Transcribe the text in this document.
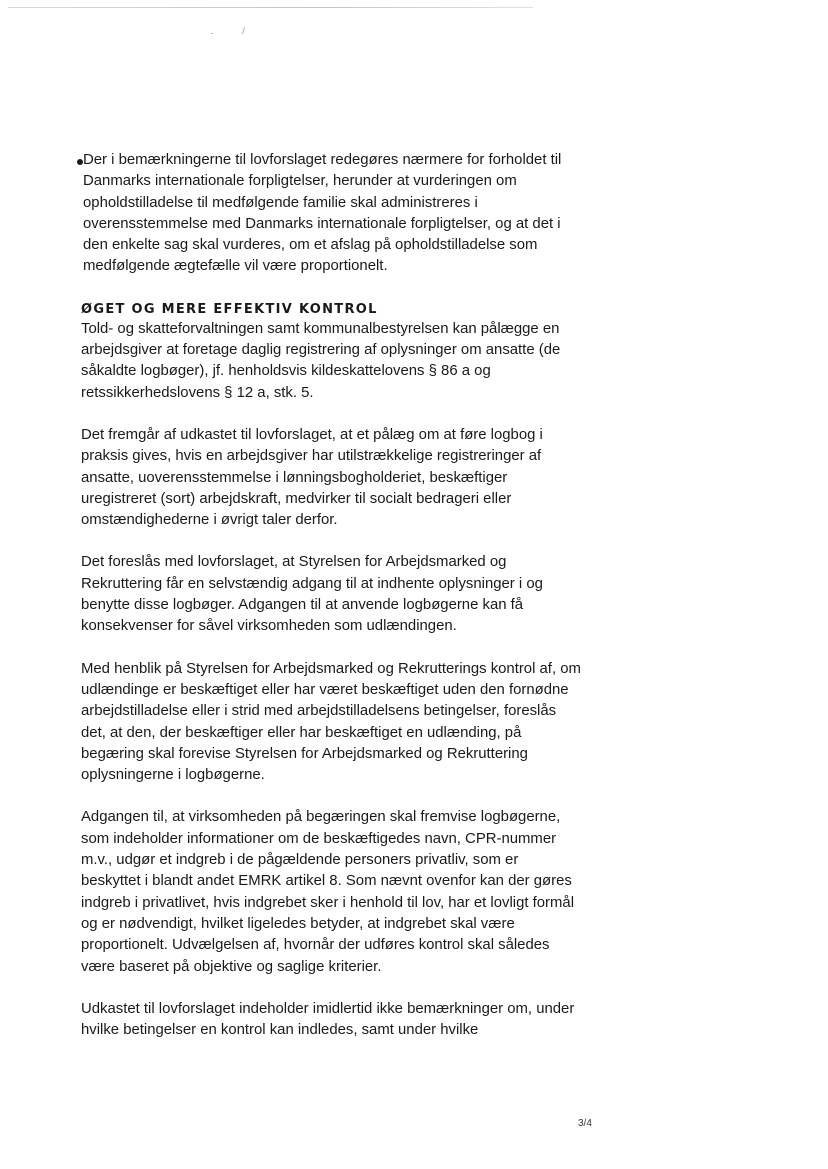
Der i bemærkningerne til lovforslaget redegøres nærmere for forholdet til Danmarks internationale forpligtelser, herunder at vurderingen om opholdstilladelse til medfølgende familie skal administreres i overensstemmelse med Danmarks internationale forpligtelser, og at det i den enkelte sag skal vurderes, om et afslag på opholdstilladelse som medfølgende ægtefælle vil være proportionelt.

ØGET OG MERE EFFEKTIV KONTROL

Told- og skatteforvaltningen samt kommunalbestyrelsen kan pålægge en arbejdsgiver at foretage daglig registrering af oplysninger om ansatte (de såkaldte logbøger), jf. henholdsvis kildeskattelovens § 86 a og retssikkerhedslovens § 12 a, stk. 5.

Det fremgår af udkastet til lovforslaget, at et pålæg om at føre logbog i praksis gives, hvis en arbejdsgiver har utilstrækkelige registreringer af ansatte, uoverensstemmelse i lønningsbogholderiet, beskæftiger uregistreret (sort) arbejdskraft, medvirker til socialt bedrageri eller omstændighederne i øvrigt taler derfor.

Det foreslås med lovforslaget, at Styrelsen for Arbejdsmarked og Rekruttering får en selvstændig adgang til at indhente oplysninger i og benytte disse logbøger. Adgangen til at anvende logbøgerne kan få konsekvenser for såvel virksomheden som udlændingen.

Med henblik på Styrelsen for Arbejdsmarked og Rekrutterings kontrol af, om udlændinge er beskæftiget eller har været beskæftiget uden den fornødne arbejdstilladelse eller i strid med arbejdstilladelsens betingelser, foreslås det, at den, der beskæftiger eller har beskæftiget en udlænding, på begæring skal forevise Styrelsen for Arbejdsmarked og Rekruttering oplysningerne i logbøgerne.

Adgangen til, at virksomheden på begæringen skal fremvise logbøgerne, som indeholder informationer om de beskæftigedes navn, CPR-nummer m.v., udgør et indgreb i de pågældende personers privatliv, som er beskyttet i blandt andet EMRK artikel 8. Som nævnt ovenfor kan der gøres indgreb i privatlivet, hvis indgrebet sker i henhold til lov, har et lovligt formål og er nødvendigt, hvilket ligeledes betyder, at indgrebet skal være proportionelt. Udvælgelsen af, hvornår der udføres kontrol skal således være baseret på objektive og saglige kriterier.

Udkastet til lovforslaget indeholder imidlertid ikke bemærkninger om, under hvilke betingelser en kontrol kan indledes, samt under hvilke

3/4
